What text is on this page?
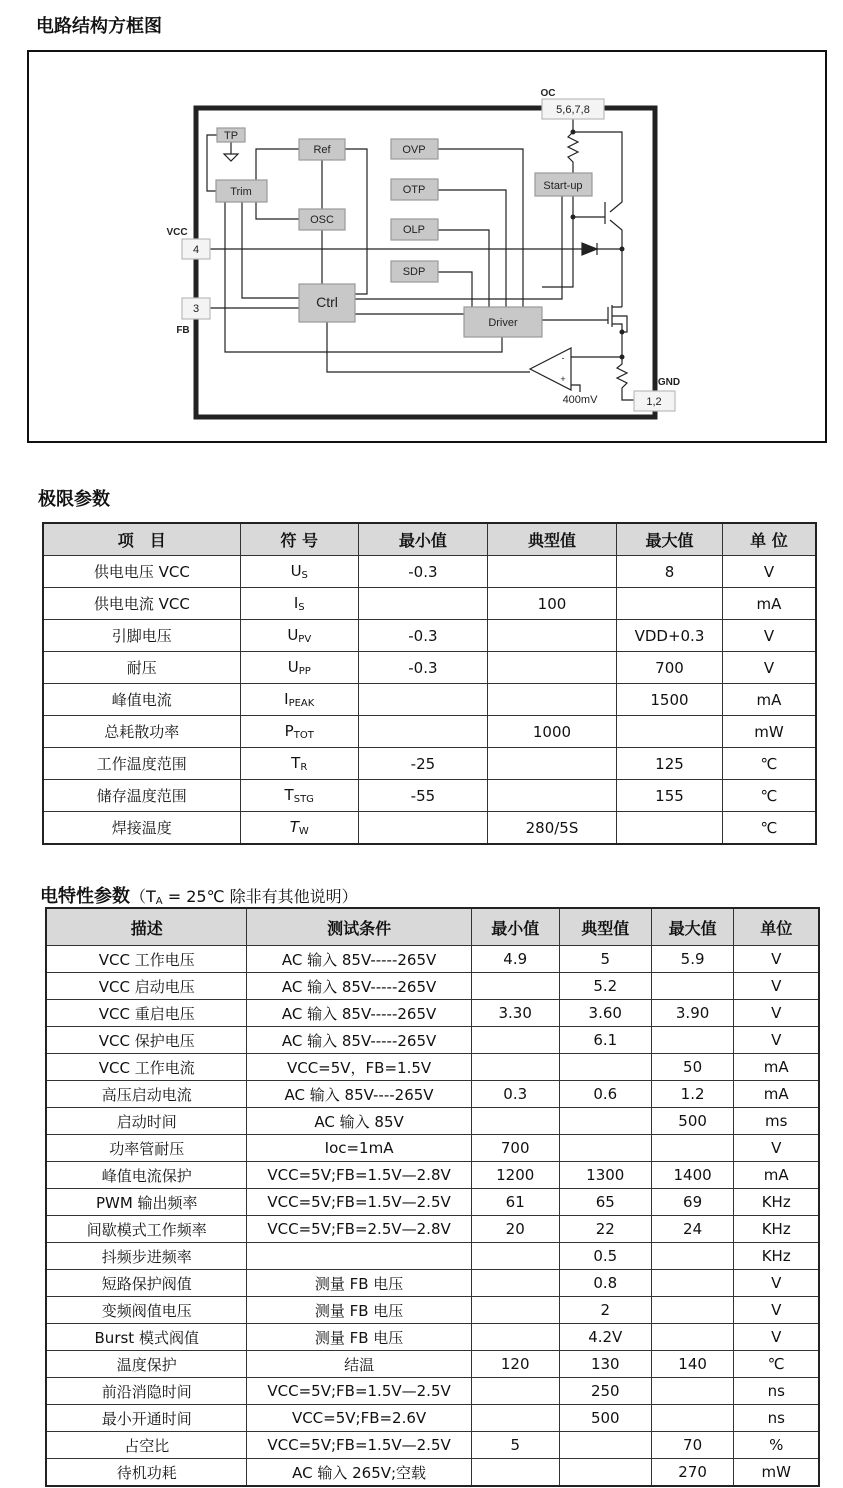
电路结构方框图
TP
Trim
Ref
OSC
OVP
OTP
OLP
SDP
Ctrl
Driver
Start-up
5,6,7,8
4
3
1,2
400mV
-
+
OC
VCC
FB
GND
极限参数
项　目	符 号	最小值	典型值	最大值	单 位
供电电压 VCC	$U_S$	-0.3		8	V
供电电流 VCC	$I_S$		100		mA
引脚电压	$U_{PV}$	-0.3		VDD+0.3	V
耐压	$U_{PP}$	-0.3		700	V
峰值电流	$I_{PEAK}$			1500	mA
总耗散功率	$P_{TOT}$		1000		mW
工作温度范围	$T_R$	-25		125	℃
储存温度范围	$T_{STG}$	-55		155	℃
焊接温度	$T_W$		280/5S		℃
电特性参数（$T_A$ = 25℃ 除非有其他说明）
描述	测试条件	最小值	典型值	最大值	单位
VCC 工作电压	AC 输入 85V-----265V	4.9	5	5.9	V
VCC 启动电压	AC 输入 85V-----265V		5.2		V
VCC 重启电压	AC 输入 85V-----265V	3.30	3.60	3.90	V
VCC 保护电压	AC 输入 85V-----265V		6.1		V
VCC 工作电流	VCC=5V，FB=1.5V			50	mA
高压启动电流	AC 输入 85V----265V	0.3	0.6	1.2	mA
启动时间	AC 输入 85V			500	ms
功率管耐压	Ioc=1mA	700			V
峰值电流保护	VCC=5V;FB=1.5V—2.8V	1200	1300	1400	mA
PWM 输出频率	VCC=5V;FB=1.5V—2.5V	61	65	69	KHz
间歇模式工作频率	VCC=5V;FB=2.5V—2.8V	20	22	24	KHz
抖频步进频率			0.5		KHz
短路保护阀值	测量 FB 电压		0.8		V
变频阀值电压	测量 FB 电压		2		V
Burst 模式阀值	测量 FB 电压		4.2V		V
温度保护	结温	120	130	140	℃
前沿消隐时间	VCC=5V;FB=1.5V—2.5V		250		ns
最小开通时间	VCC=5V;FB=2.6V		500		ns
占空比	VCC=5V;FB=1.5V—2.5V	5		70	%
待机功耗	AC 输入 265V;空载			270	mW
